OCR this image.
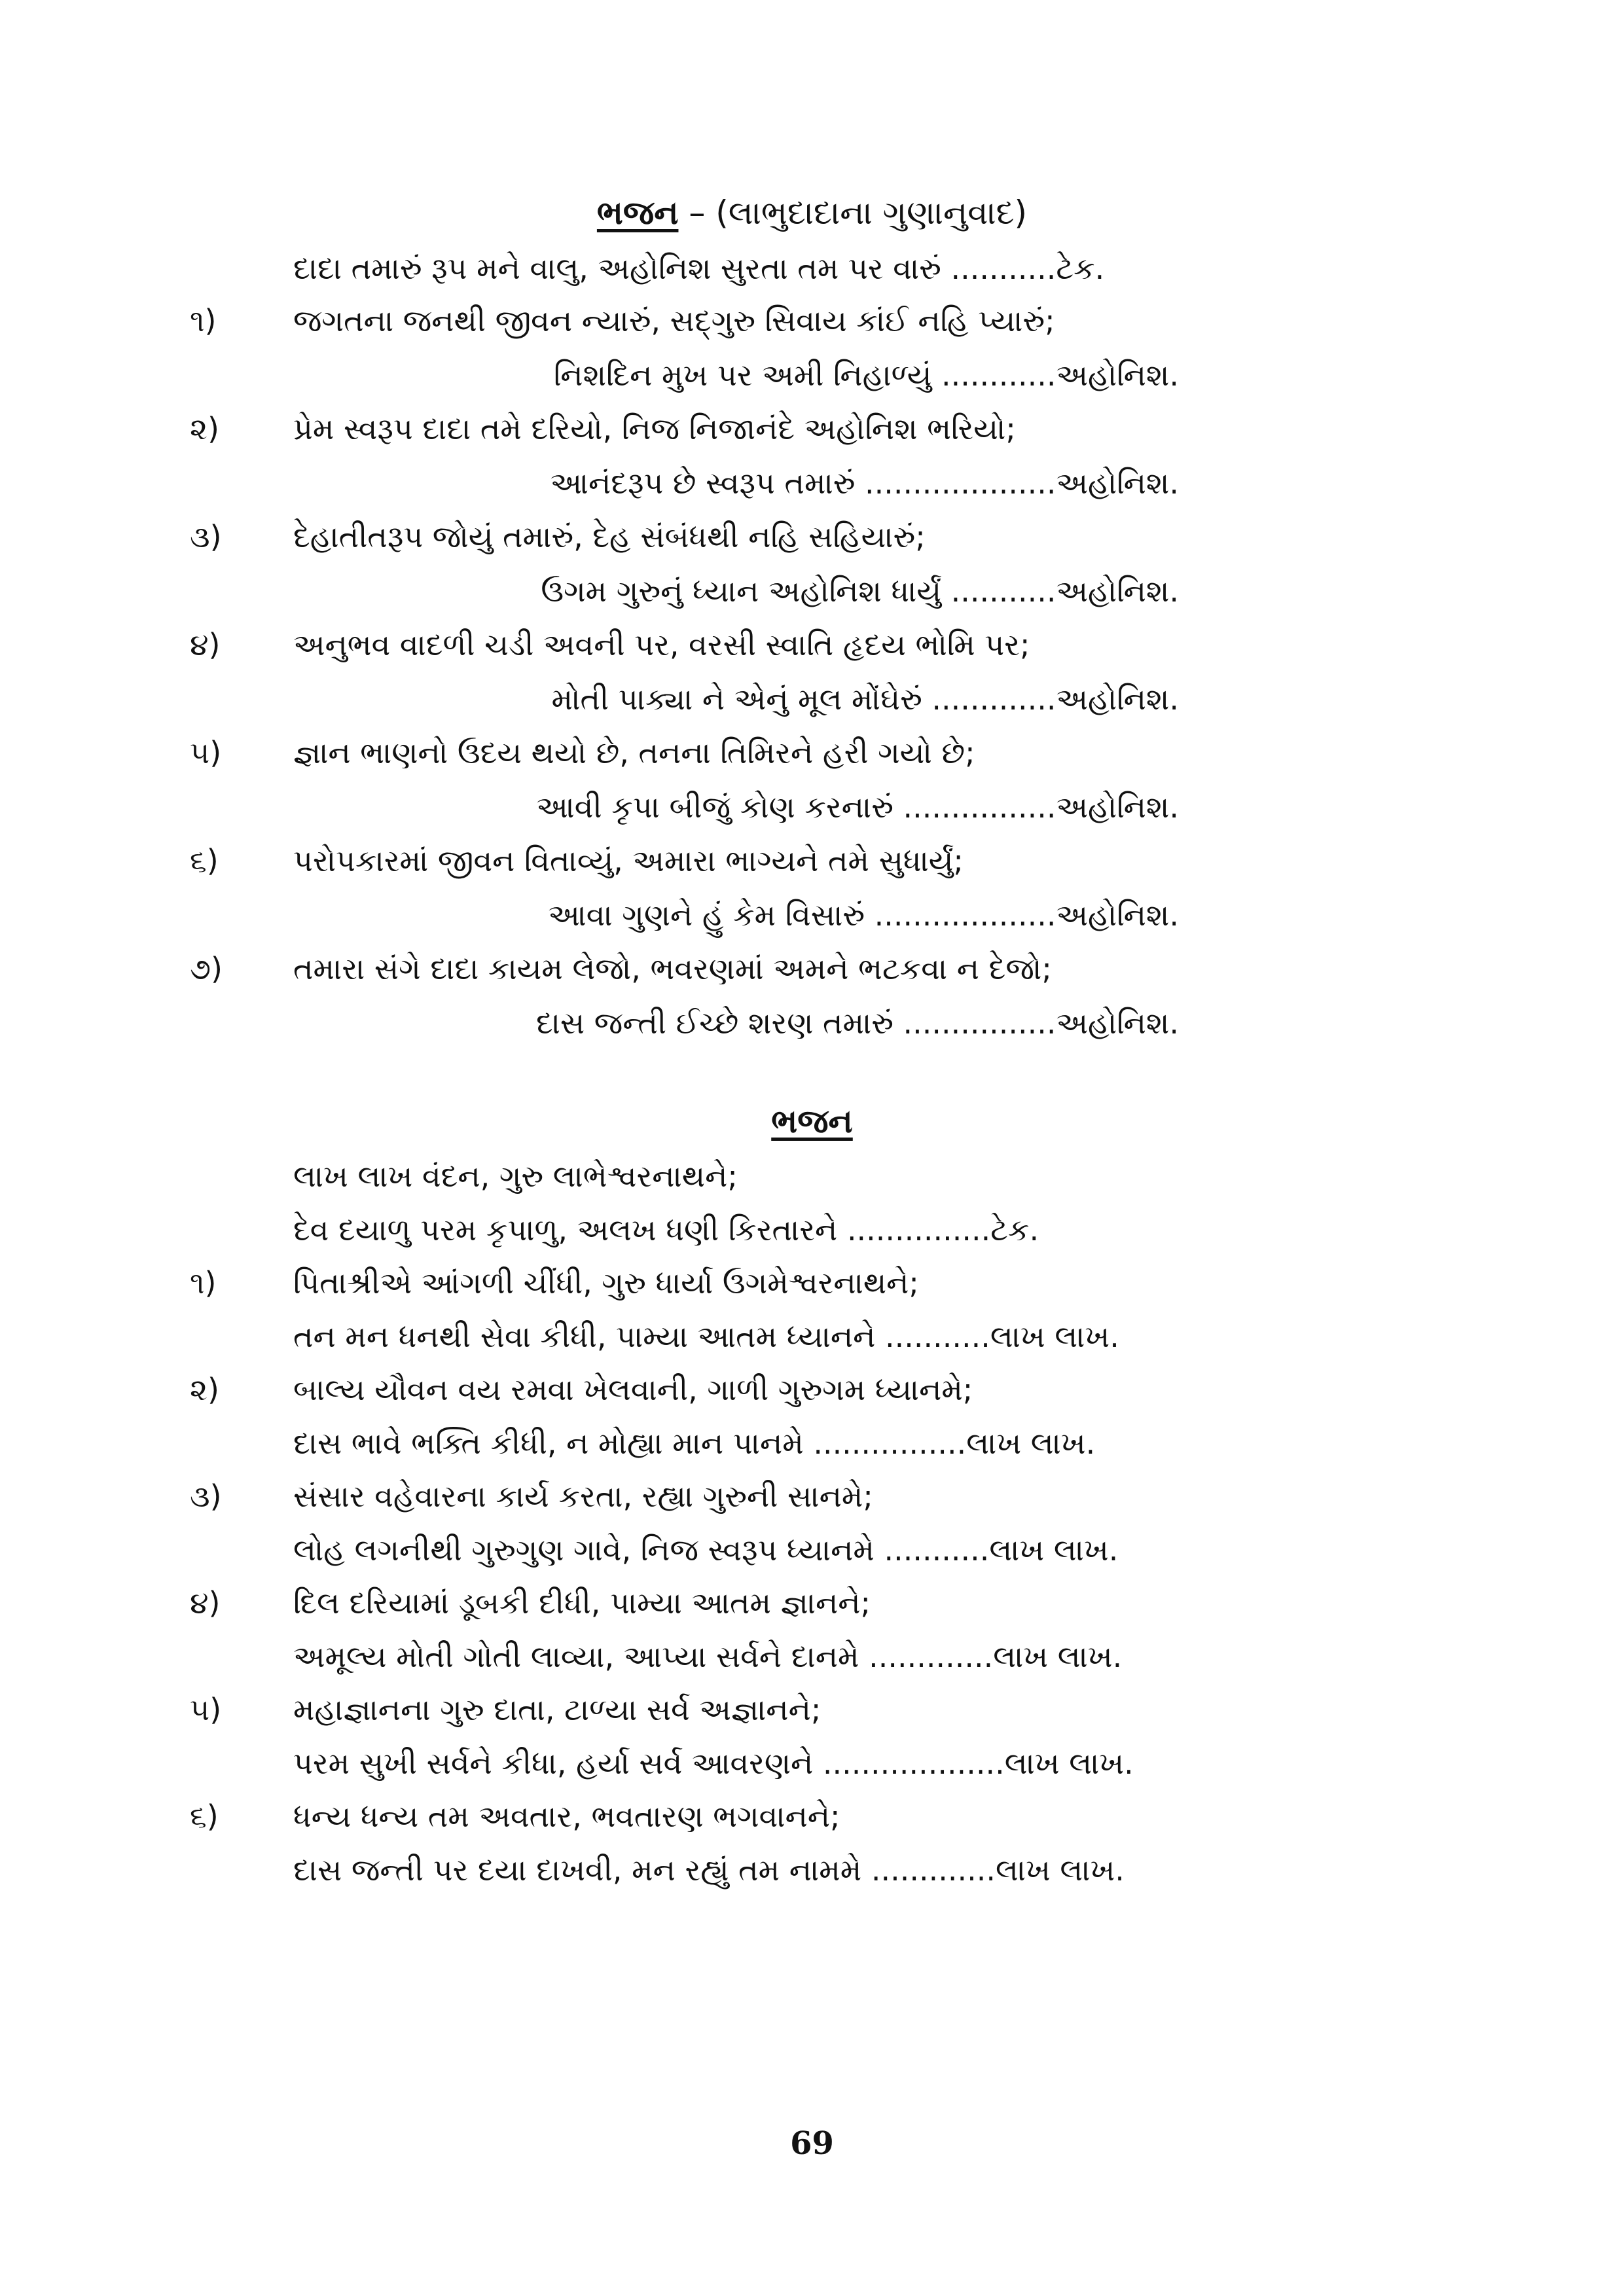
ભજન – (લાભુદાદાના ગુણાનુવાદ)
દાદા તમારું રૂપ મને વાલુ, અહોનિશ સુરતા તમ પર વારું ...........ટેક.
૧)	જગતના જનથી જીવન ન્યારું, સદ્ગુરુ સિવાય કાંઈ નહિ પ્યારું;
નિશદિન મુખ પર અમી નિહાળ્યું ............અહોનિશ.
૨) પ્રેમ સ્વરૂપ દાદા તમે દરિયો, નિજ નિજાનંદે અહોનિશ ભરિયો;
આનંદરૂપ છે સ્વરૂપ તમારું ....................અહોનિશ.
૩) દેહાતીતરૂપ જોયું તમારું, દેહ સંબંધથી નહિ સહિયારું;
ઉગમ ગુરુનું ધ્યાન અહોનિશ ધાર્યું ...........અહોનિશ.
૪) અનુભવ વાદળી ચડી અવની પર, વરસી સ્વાતિ હૃદય ભોમિ પર;
મોતી પાક્યા ને એનું મૂલ મોંઘેરું .............અહોનિશ.
૫) જ્ઞાન ભાણનો ઉદય થયો છે, તનના તિમિરને હરી ગયો છે;
આવી કૃપા બીજું કોણ કરનારું ................અહોનિશ.
૬) પરોપકારમાં જીવન વિતાવ્યું, અમારા ભાગ્યને તમે સુધાર્યું;
આવા ગુણને હું કેમ વિસારું ...................અહોનિશ.
૭) તમારા સંગે દાદા કાયમ લેજો, ભવરણમાં અમને ભટકવા ન દેજો;
દાસ જન્તી ઈચ્છે શરણ તમારું ................અહોનિશ.
ભજન
લાખ લાખ વંદન, ગુરુ લાભેશ્વરનાથને;
દેવ દયાળુ પરમ કૃપાળુ, અલખ ધણી કિરતારને ...............ટેક.
૧)	પિતાશ્રીએ આંગળી ચીંધી, ગુરુ ધાર્યા ઉગમેશ્વરનાથને;
તન મન ધનથી સેવા કીધી, પામ્યા આતમ ધ્યાનને ...........લાખ લાખ.
૨) બાલ્ય યૌવન વય રમવા ખેલવાની, ગાળી ગુરુગમ ધ્યાનમે;
દાસ ભાવે ભક્તિ કીધી, ન મોહ્યા માન પાનમે ................લાખ લાખ.
૩) સંસાર વહેવારના કાર્ય કરતા, રહ્યા ગુરુની સાનમે;
લોહ લગનીથી ગુરુગુણ ગાવે, નિજ સ્વરૂપ ધ્યાનમે ...........લાખ લાખ.
૪) દિલ દરિયામાં ડૂબકી દીધી, પામ્યા આતમ જ્ઞાનને;
અમૂલ્ય મોતી ગોતી લાવ્યા, આપ્યા સર્વને દાનમે .............લાખ લાખ.
૫) મહાજ્ઞાનના ગુરુ દાતા, ટાળ્યા સર્વ અજ્ઞાનને;
પરમ સુખી સર્વને કીધા, હર્યા સર્વ આવરણને ...................લાખ લાખ.
૬) ધન્ય ધન્ય તમ અવતાર, ભવતારણ ભગવાનને;
દાસ જન્તી પર દયા દાખવી, મન રહ્યું તમ નામમે .............લાખ લાખ.
69
